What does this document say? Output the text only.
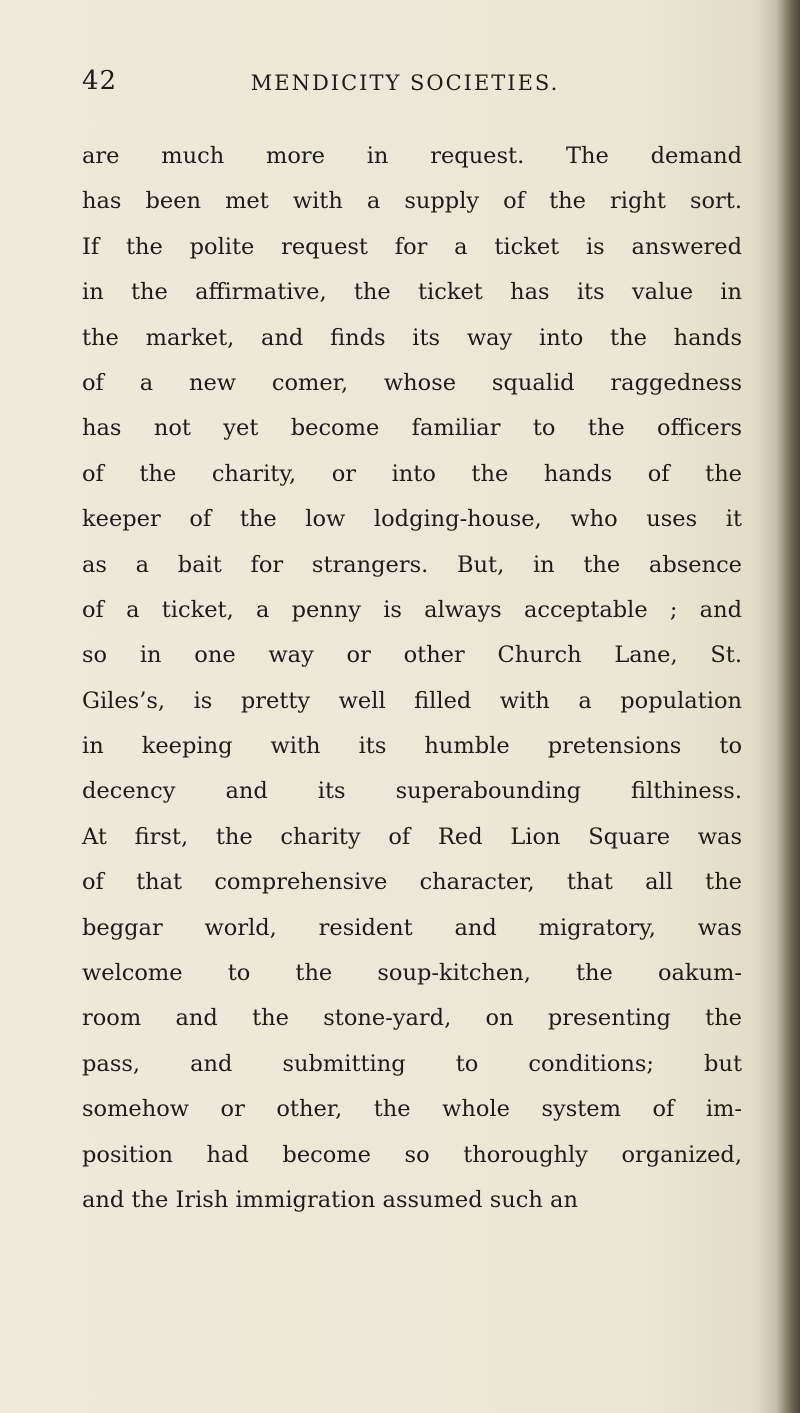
42	MENDICITY SOCIETIES.
are much more in request. The demand
has been met with a supply of the right sort.
If the polite request for a ticket is answered
in the affirmative, the ticket has its value in
the market, and finds its way into the hands
of a new comer, whose squalid raggedness
has not yet become familiar to the officers
of the charity, or into the hands of the
keeper of the low lodging-house, who uses it
as a bait for strangers. But, in the absence
of a ticket, a penny is always acceptable ; and
so in one way or other Church Lane, St.
Giles’s, is pretty well filled with a population
in keeping with its humble pretensions to
decency and its superabounding filthiness.
At first, the charity of Red Lion Square was
of that comprehensive character, that all the
beggar world, resident and migratory, was
welcome to the soup-kitchen, the oakum-
room and the stone-yard, on presenting the
pass, and submitting to conditions; but
somehow or other, the whole system of im-
position had become so thoroughly organized,
and the Irish immigration assumed such an
